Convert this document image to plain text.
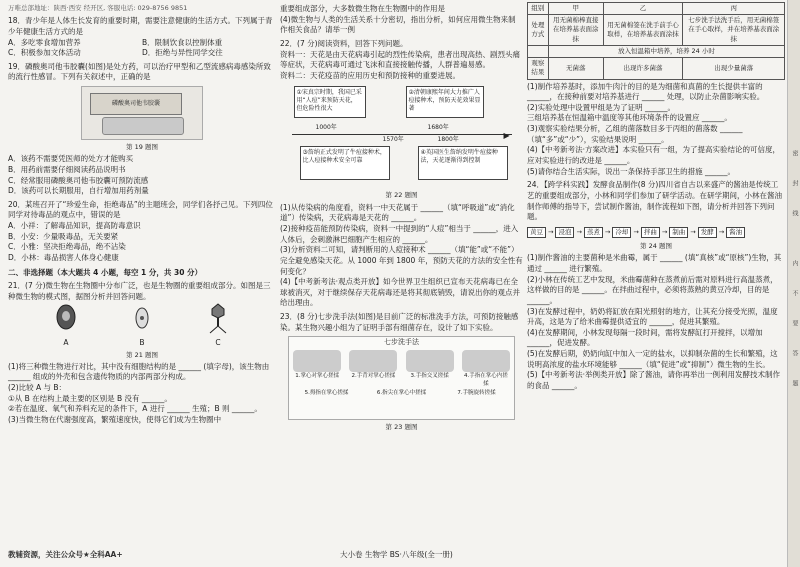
万唯总部地址：陕西·西安 经开区, 客服电话: 029-8756 9851

18．青少年是人体生长发育的重要时期，需要注意健康的生活方式。下列属于青少年健康生活方式的是

A．多吃零食增加营养	B．限制饮食以控制体重
C．积极参加文体活动	D．拒绝与异性同学交往

19．磷酸奥司他韦胶囊(如图)是处方药，可以治疗甲型和乙型流感病毒感染所致的流行性感冒。下列有关叙述中，正确的是

磷酸奥司他韦胶囊

第 19 题图

A．该药不需要凭医师的处方才能购买

B．用药前需要仔细阅读药品说明书

C．经常服用磷酸奥司他韦胶囊可预防流感

D．该药可以长期服用，自行增加用药剂量

20．某班召开了“珍爱生命，拒绝毒品”的主题班会，同学们各抒己见。下列四位同学对待毒品的观点中，错误的是

A．小祥：了解毒品知识，提高防毒意识

B．小安：少量吸毒品，无关要紧

C．小雅：坚决拒绝毒品，绝不沾染

D．小林：毒品损害人体身心健康

二、非选择题（本大题共 4 小题，每空 1 分，共 30 分）

21．(7 分)微生物在生物圈中分布广泛，也是生物圈的重要组成部分。如图是三种微生物的模式图，据图分析并回答问题。

A	B	C

第 21 题图

(1)将三种微生物进行对比，其中没有细胞结构的是 ______ (填字母)，该生物由 ______ 组成的外壳和包含遗传物质的内部两部分构成。

(2)比较 A 与 B：

①从 B 在结构上最主要的区别是 B 没有 ______。

②若在温度、氧气和养料充足的条件下，A 进行 ______ 生殖；B 则 ______。

(3)当微生物在代谢强度高，繁殖速度快，使得它们成为生物圈中

教辅资源，关注公众号★全科AA+

重要组成部分，大多数微生物在生物圈中的作用是

(4)微生物与人类的生活关系十分密切，指出分析，如何应用微生物来制作相关食品？请举一例

22．(7 分)阅读资料，回答下列问题。

资料一：天花是由天花病毒引起的烈性传染病，患者出现高热、剧烈头痛等症状，天花病毒可通过飞沫和直接接触传播，人群普遍易感。

资料二：天花疫苗的应用历史和预防接种的重要进展。

①宋真宗时期，我国已采用“人痘”来预防天花，但危险性很大
②清朝康熙年间大力推广人痘接种术，预防天花效果显著
▶
1000年
1570年
1680年
1800年
③詹纳正式发明了牛痘接种术，比人痘接种术安全可靠
④英国医生詹纳发明牛痘接种法，天花逐渐得到控制

第 22 题图

(1)从传染病的角度看，资料一中天花属于 ______（填“呼吸道”或“消化道”）传染病，天花病毒是天花的 ______。

(2)接种疫苗能预防传染病，资料一中提到的“人痘”相当于 ______，进入人体后，会刺激淋巴细胞产生相应的 ______。

(3)分析资料二可知，请判断用的人痘接种术 ______（填“能”或“不能”）完全避免感染天花。从 1000 年到 1800 年，预防天花的方法的安全性有何变化？

(4)【中考新考法·观点类开放】如今世界卫生组织已宣布天花病毒已在全球被消灭，对于继续保存天花病毒还是将其彻底销毁，请说出你的观点并给出理由。

23．(8 分)七步洗手法(如图)是目前广泛的标准洗手方法，可预防接触感染。某生物兴趣小组为了证明手部有细菌存在，设计了如下实验。

七步洗手法
1.掌心对掌心搓揉	2.手背对掌心搓揉	3.手指交叉搓揉	4.手指在掌心内搓揉
5.拇指在掌心搓揉	6.指尖在掌心中搓揉	7.手腕旋转搓揉

第 23 题图

大小卷 生物学 BS·八年级(全一册)

组别	甲	乙	丙
处理方式	用无菌棉棒直接在培养基表面涂抹	用无菌棉签在洗手前手心取样，在培养基表面涂抹	七步洗手法洗手后，用无菌棉签在手心取样，并在培养基表面涂抹
	放入恒温箱中培养，培养 24 小时		
观察结果	无菌落	出现许多菌落	出现少量菌落

(1)制作培养基时，添加牛肉汁的目的是为细菌和真菌的生长提供丰富的 ______，在接种前要对培养基进行 ______ 处理，以防止杂菌影响实验。

(2)实验处理中设置甲组是为了证明 ______。

三组培养基在恒温箱中温度等其他环境条件的设置应 ______。

(3)观察实验结果分析，乙组的菌落数目多于丙组的菌落数 ______（填“多”或“少”），实验结果说明 ______。

(4)【中考新考法·方案改进】本实验只有一组，为了提高实验结论的可信度，应对实验进行的改进是 ______。

(5)请你结合生活实际，说出一条保持手部卫生的措施 ______。

24．【跨学科实践】发酵食品制作(8 分)四川省自古以来盛产的酱油是传统工艺的重要组成部分，小林和同学们参加了研学活动。在研学期间，小林在酱油制作师傅的指导下，尝试制作酱油，制作流程如下图，请分析并回答下列问题。

黄豆 → 浸泡 → 蒸煮 → 冷却 → 拌曲 → 制曲 → 发酵 → 酱油

第 24 题图

(1)制作酱油的主要菌种是米曲霉，属于 ______ (填“真核”或“原核”)生物，其通过 ______ 进行繁殖。

(2)小林在传统工艺中发现，米曲霉菌种在蒸煮前后需对原料进行高温蒸煮，这样做的目的是 ______。在拌曲过程中，必须将蒸熟的黄豆冷却，目的是 ______。

(3)在发酵过程中，奶奶将缸放在阳光照射的地方，让其充分接受光照，温度升高，这是为了给米曲霉提供适宜的 ______，促进其繁殖。

(4)在发酵期间，小林发现每隔一段时间，需将发酵缸打开搅拌，以增加 ______，促进发酵。

(5)在发酵后期，奶奶向缸中加入一定的盐水，以抑制杂菌的生长和繁殖，这说明高浓度的盐水环境能够 ______（填“促进”或“抑制”）微生物的生长。

(5)【中考新考法·举例类开放】除了酱油，请你再举出一例利用发酵技术制作的食品 ______。

密
封
线
内
不
要
答
题
